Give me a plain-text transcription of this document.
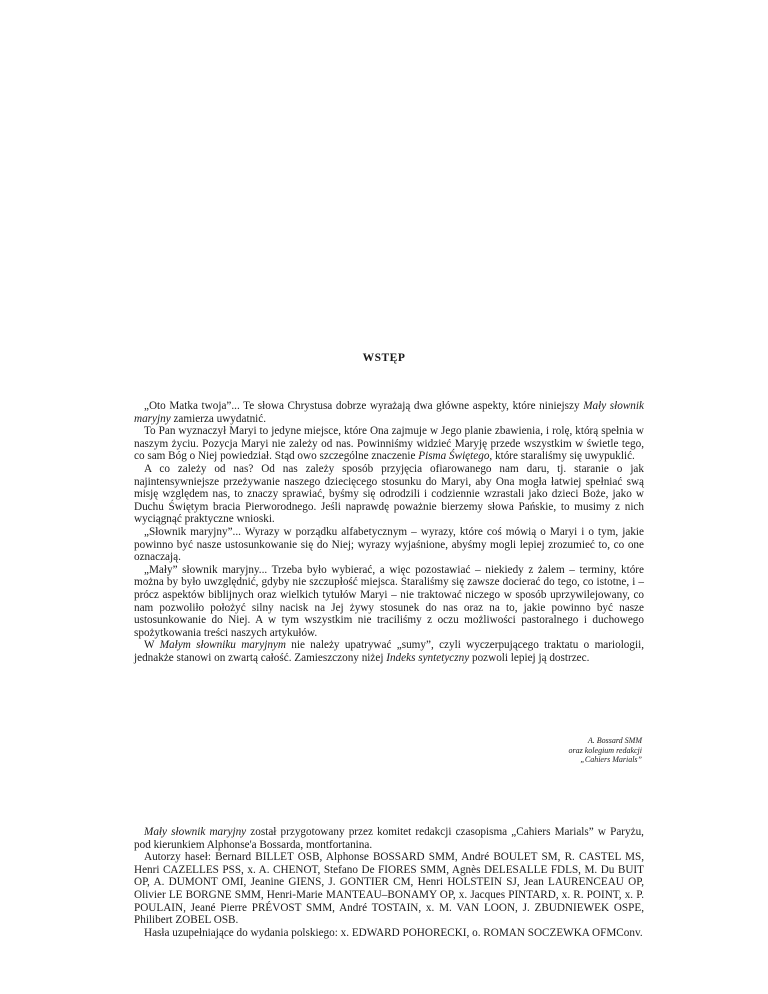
WSTĘP

„Oto Matka twoja”... Te słowa Chrystusa dobrze wyrażają dwa główne aspekty, które niniejszy Mały słownik maryjny zamierza uwydatnić.

To Pan wyznaczył Maryi to jedyne miejsce, które Ona zajmuje w Jego planie zbawienia, i rolę, którą spełnia w naszym życiu. Pozycja Maryi nie zależy od nas. Powinniśmy widzieć Maryję przede wszystkim w świetle tego, co sam Bóg o Niej powiedział. Stąd owo szczególne znaczenie Pisma Świętego, które staraliśmy się uwypuklić.

A co zależy od nas? Od nas zależy sposób przyjęcia ofiarowanego nam daru, tj. staranie o jak najintensywniejsze przeżywanie naszego dziecięcego stosunku do Maryi, aby Ona mogła łatwiej spełniać swą misję względem nas, to znaczy sprawiać, byśmy się odrodzili i codziennie wzrastali jako dzieci Boże, jako w Duchu Świętym bracia Pierworodnego. Jeśli naprawdę poważnie bierzemy słowa Pańskie, to musimy z nich wyciągnąć praktyczne wnioski.

„Słownik maryjny”... Wyrazy w porządku alfabetycznym – wyrazy, które coś mówią o Maryi i o tym, jakie powinno być nasze ustosunkowanie się do Niej; wyrazy wyjaśnione, abyśmy mogli lepiej zrozumieć to, co one oznaczają.

„Mały” słownik maryjny... Trzeba było wybierać, a więc pozostawiać – niekiedy z żalem – terminy, które można by było uwzględnić, gdyby nie szczupłość miejsca. Staraliśmy się zawsze docierać do tego, co istotne, i – prócz aspektów biblijnych oraz wielkich tytułów Maryi – nie traktować niczego w sposób uprzywilejowany, co nam pozwoliło położyć silny nacisk na Jej żywy stosunek do nas oraz na to, jakie powinno być nasze ustosunkowanie do Niej. A w tym wszystkim nie traciliśmy z oczu możliwości pastoralnego i duchowego spożytkowania treści naszych artykułów.

W Małym słowniku maryjnym nie należy upatrywać „sumy”, czyli wyczerpującego traktatu o mariologii, jednakże stanowi on zwartą całość. Zamieszczony niżej Indeks syntetyczny pozwoli lepiej ją dostrzec.

A. Bossard SMM
oraz kolegium redakcji
„Cahiers Marials”

Mały słownik maryjny został przygotowany przez komitet redakcji czasopisma „Cahiers Marials” w Paryżu, pod kierunkiem Alphonse'a Bossarda, montfortanina.

Autorzy haseł: Bernard BILLET OSB, Alphonse BOSSARD SMM, André BOULET SM, R. CASTEL MS, Henri CAZELLES PSS, x. A. CHENOT, Stefano De FIORES SMM, Agnès DELESALLE FDLS, M. Du BUIT OP, A. DUMONT OMI, Jeanine GIENS, J. GONTIER CM, Henri HOLSTEIN SJ, Jean LAURENCEAU OP, Olivier LE BORGNE SMM, Henri-Marie MANTEAU–BONAMY OP, x. Jacques PINTARD, x. R. POINT, x. P. POULAIN, Jeané Pierre PRÉVOST SMM, André TOSTAIN, x. M. VAN LOON, J. ZBUDNIEWEK OSPE, Philibert ZOBEL OSB.

Hasła uzupełniające do wydania polskiego: x. EDWARD POHORECKI, o. ROMAN SOCZEWKA OFMConv.
